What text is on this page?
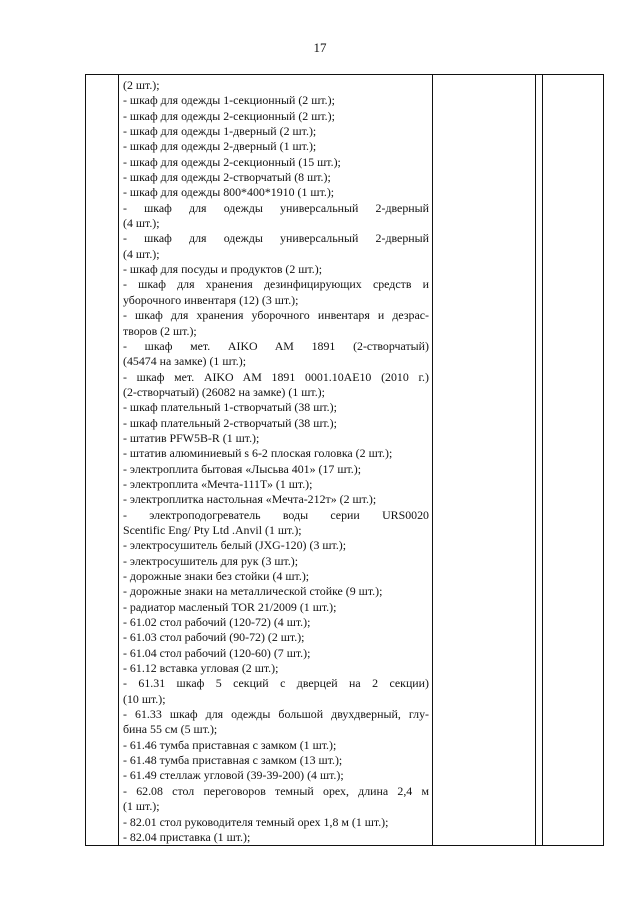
17

(2 шт.);
- шкаф для одежды 1-секционный (2 шт.);
- шкаф для одежды 2-секционный (2 шт.);
- шкаф для одежды 1-дверный (2 шт.);
- шкаф для одежды 2-дверный (1 шт.);
- шкаф для одежды 2-секционный (15 шт.);
- шкаф для одежды 2-створчатый (8 шт.);
- шкаф для одежды 800*400*1910 (1 шт.);
- шкаф для одежды универсальный 2-дверный
(4 шт.);
- шкаф для одежды универсальный 2-дверный
(4 шт.);
- шкаф для посуды и продуктов (2 шт.);
- шкаф для хранения дезинфицирующих средств и
уборочного инвентаря (12) (3 шт.);
- шкаф для хранения уборочного инвентаря и дезрас-
творов (2 шт.);
- шкаф мет. AIKO AM 1891 (2-створчатый)
(45474 на замке) (1 шт.);
- шкаф мет. AIKO AM 1891 0001.10AE10 (2010 г.)
(2-створчатый) (26082 на замке) (1 шт.);
- шкаф плательный 1-створчатый (38 шт.);
- шкаф плательный 2-створчатый (38 шт.);
- штатив PFW5B-R (1 шт.);
- штатив алюминиевый s 6-2 плоская головка (2 шт.);
- электроплита бытовая «Лысьва 401» (17 шт.);
- электроплита «Мечта-111Т» (1 шт.);
- электроплитка настольная «Мечта-212т» (2 шт.);
- электроподогреватель воды серии URS0020
Scentific Eng/ Pty Ltd .Anvil (1 шт.);
- электросушитель белый (JXG-120) (3 шт.);
- электросушитель для рук (3 шт.);
- дорожные знаки без стойки (4 шт.);
- дорожные знаки на металлической стойке (9 шт.);
- радиатор масленый TOR 21/2009 (1 шт.);
- 61.02 стол рабочий (120-72) (4 шт.);
- 61.03 стол рабочий (90-72) (2 шт.);
- 61.04 стол рабочий (120-60) (7 шт.);
- 61.12 вставка угловая (2 шт.);
- 61.31 шкаф 5 секций с дверцей на 2 секции)
(10 шт.);
- 61.33 шкаф для одежды большой двухдверный, глу-
бина 55 см (5 шт.);
- 61.46 тумба приставная с замком (1 шт.);
- 61.48 тумба приставная с замком (13 шт.);
- 61.49 стеллаж угловой (39-39-200) (4 шт.);
- 62.08 стол переговоров темный орех, длина 2,4 м
(1 шт.);
- 82.01 стол руководителя темный орех 1,8 м (1 шт.);
- 82.04 приставка (1 шт.);
